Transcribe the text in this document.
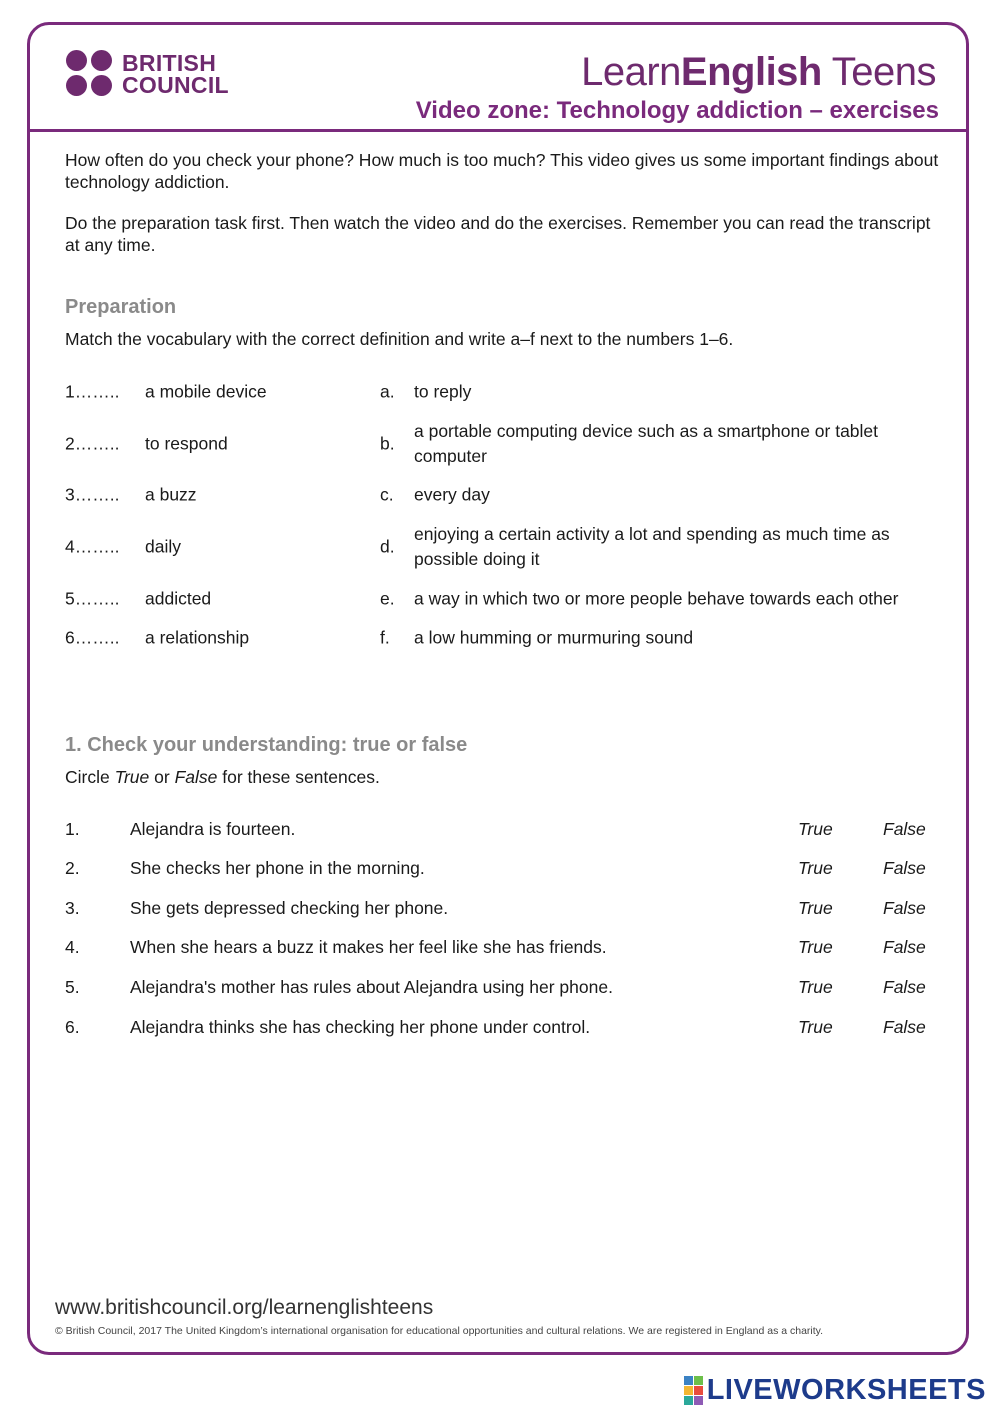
BRITISH
COUNCIL	LearnEnglish Teens
Video zone: Technology addiction – exercises

How often do you check your phone? How much is too much? This video gives us some important findings about technology addiction.

Do the preparation task first. Then watch the video and do the exercises. Remember you can read the transcript at any time.

Preparation

Match the vocabulary with the correct definition and write a–f next to the numbers 1–6.

1…….. a mobile device	a. to reply
2…….. to respond	b.
a portable computing device such as a smartphone or tablet computer
3…….. a buzz	c. every day
4…….. daily	d.
enjoying a certain activity a lot and spending as much time as possible doing it
5…….. addicted	e. a way in which two or more people behave towards each other
6…….. a relationship	f. a low humming or murmuring sound
1. Check your understanding: true or false

Circle True or False for these sentences.

1.	Alejandra is fourteen.	True	False
2.	She checks her phone in the morning.	True	False
3.	She gets depressed checking her phone.	True	False
4.	When she hears a buzz it makes her feel like she has friends.	True	False
5.	Alejandra's mother has rules about Alejandra using her phone.	True	False
6.	Alejandra thinks she has checking her phone under control.	True	False
www.britishcouncil.org/learnenglishteens
© British Council, 2017 The United Kingdom’s international organisation for educational opportunities and cultural relations. We are registered in England as a charity.
LIVEWORKSHEETS
